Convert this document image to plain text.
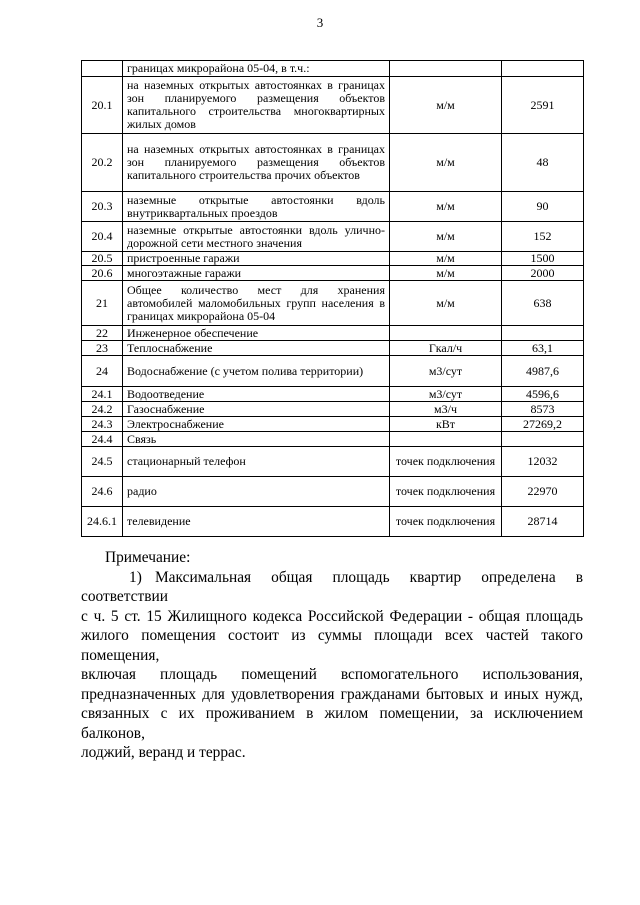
3
	границах микрорайона 05-04, в т.ч.:		
20.1	на наземных открытых автостоянках в границах зон планируемого размещения объектов капитального строительства многоквартирных жилых домов	м/м	2591
20.2	на наземных открытых автостоянках в границах зон планируемого размещения объектов капитального строительства прочих объектов	м/м	48
20.3	наземные открытые автостоянки вдоль внутриквартальных проездов	м/м	90
20.4	наземные открытые автостоянки вдоль улично-дорожной сети местного значения	м/м	152
20.5	пристроенные гаражи	м/м	1500
20.6	многоэтажные гаражи	м/м	2000
21	Общее количество мест для хранения автомобилей маломобильных групп населения в границах микрорайона 05-04	м/м	638
22	Инженерное обеспечение		
23	Теплоснабжение	Гкал/ч	63,1
24	Водоснабжение (с учетом полива территории)	м3/сут	4987,6
24.1	Водоотведение	м3/сут	4596,6
24.2	Газоснабжение	м3/ч	8573
24.3	Электроснабжение	кВт	27269,2
24.4	Связь		
24.5	стационарный телефон	точек подключения	12032
24.6	радио	точек подключения	22970
24.6.1	телевидение	точек подключения	28714
Примечание:
1) Максимальная общая площадь квартир определена в соответствии
с ч. 5 ст. 15 Жилищного кодекса Российской Федерации - общая площадь
жилого помещения состоит из суммы площади всех частей такого помещения,
включая площадь помещений вспомогательного использования,
предназначенных для удовлетворения гражданами бытовых и иных нужд,
связанных с их проживанием в жилом помещении, за исключением балконов,
лоджий, веранд и террас.
